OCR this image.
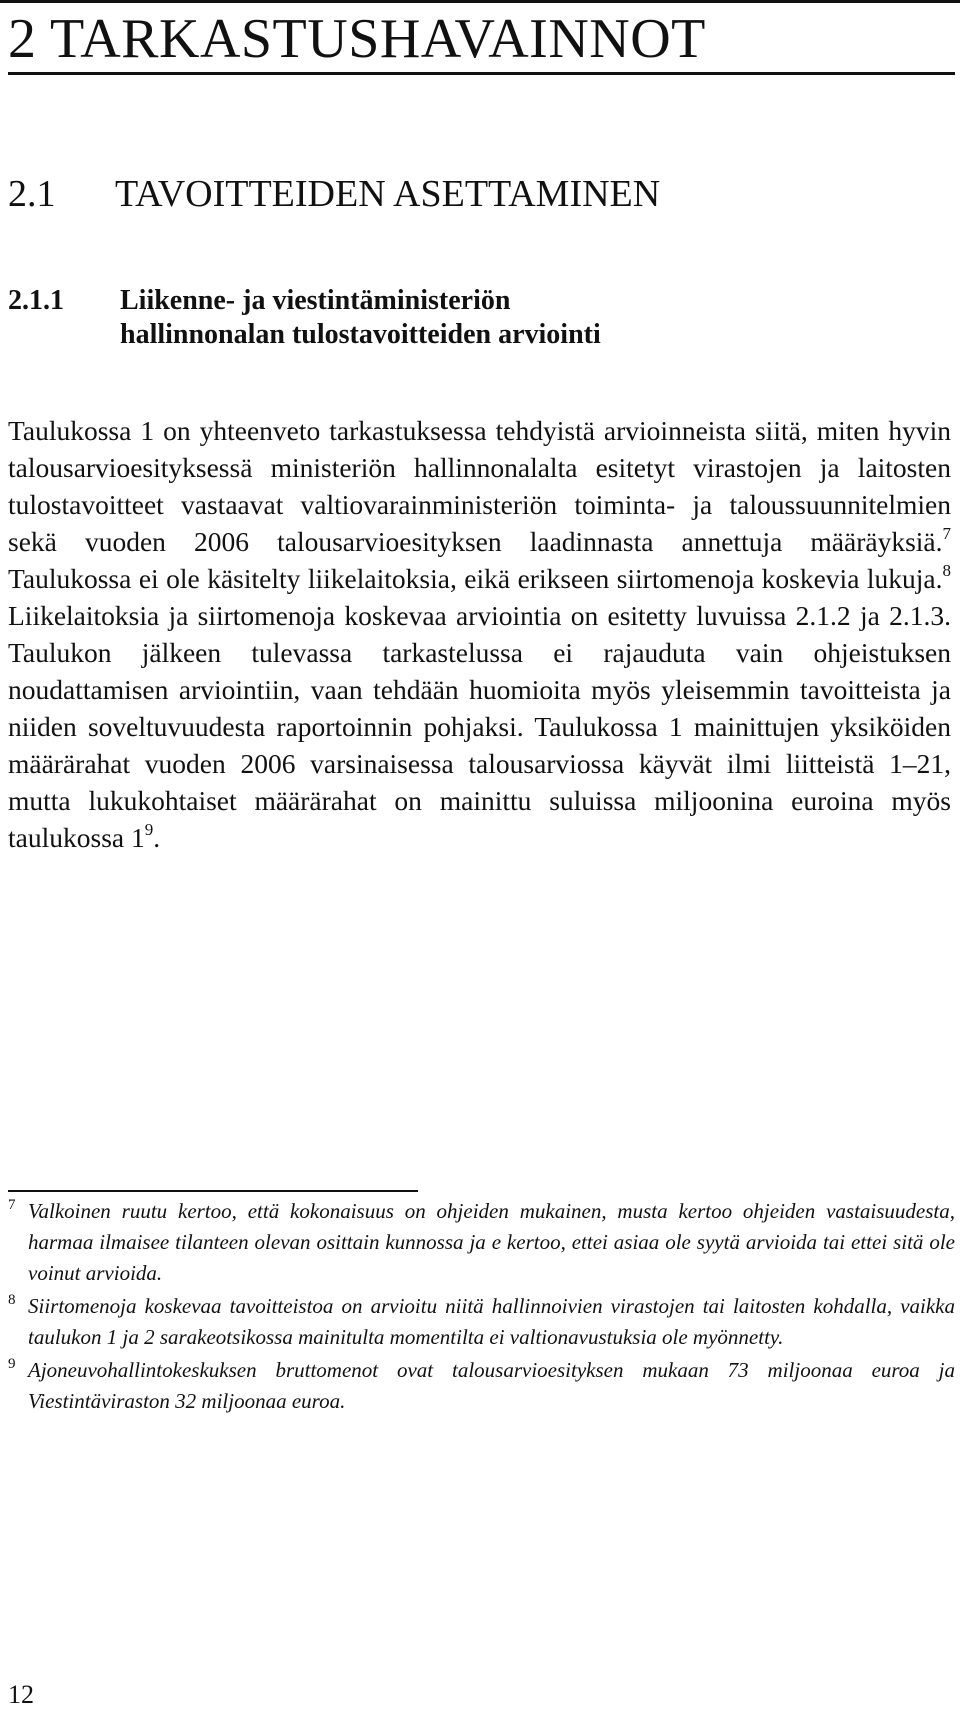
2 TARKASTUSHAVAINNOT
2.1 TAVOITTEIDEN ASETTAMINEN
2.1.1 Liikenne- ja viestintäministeriön
hallinnonalan tulostavoitteiden arviointi

Taulukossa 1 on yhteenveto tarkastuksessa tehdyistä arvioinneista siitä, miten hyvin talousarvioesityksessä ministeriön hallinnonalalta esitetyt virastojen ja laitosten tulostavoitteet vastaavat valtiovarainministeriön toiminta- ja taloussuunnitelmien sekä vuoden 2006 talousarvioesityksen laadinnasta annettuja määräyksiä.$^7$ Taulukossa ei ole käsitelty liikelaitoksia, eikä erikseen siirtomenoja koskevia lukuja.$^8$ Liikelaitoksia ja siirtomenoja koskevaa arviointia on esitetty luvuissa 2.1.2 ja 2.1.3. Taulukon jälkeen tulevassa tarkastelussa ei rajauduta vain ohjeistuksen noudattamisen arviointiin, vaan tehdään huomioita myös yleisemmin tavoitteista ja niiden soveltuvuudesta raportoinnin pohjaksi. Taulukossa 1 mainittujen yksiköiden määrärahat vuoden 2006 varsinaisessa talousarviossa käyvät ilmi liitteistä 1–21, mutta lukukohtaiset määrärahat on mainittu suluissa miljoonina euroina myös taulukossa $1^9$.

7 Valkoinen ruutu kertoo, että kokonaisuus on ohjeiden mukainen, musta kertoo ohjeiden vastaisuudesta, harmaa ilmaisee tilanteen olevan osittain kunnossa ja e kertoo, ettei asiaa ole syytä arvioida tai ettei sitä ole voinut arvioida.
8 Siirtomenoja koskevaa tavoitteistoa on arvioitu niitä hallinnoivien virastojen tai laitosten kohdalla, vaikka taulukon 1 ja 2 sarakeotsikossa mainitulta momentilta ei valtionavustuksia ole myönnetty.
9 Ajoneuvohallintokeskuksen bruttomenot ovat talousarvioesityksen mukaan 73 miljoonaa euroa ja Viestintäviraston 32 miljoonaa euroa.
12
